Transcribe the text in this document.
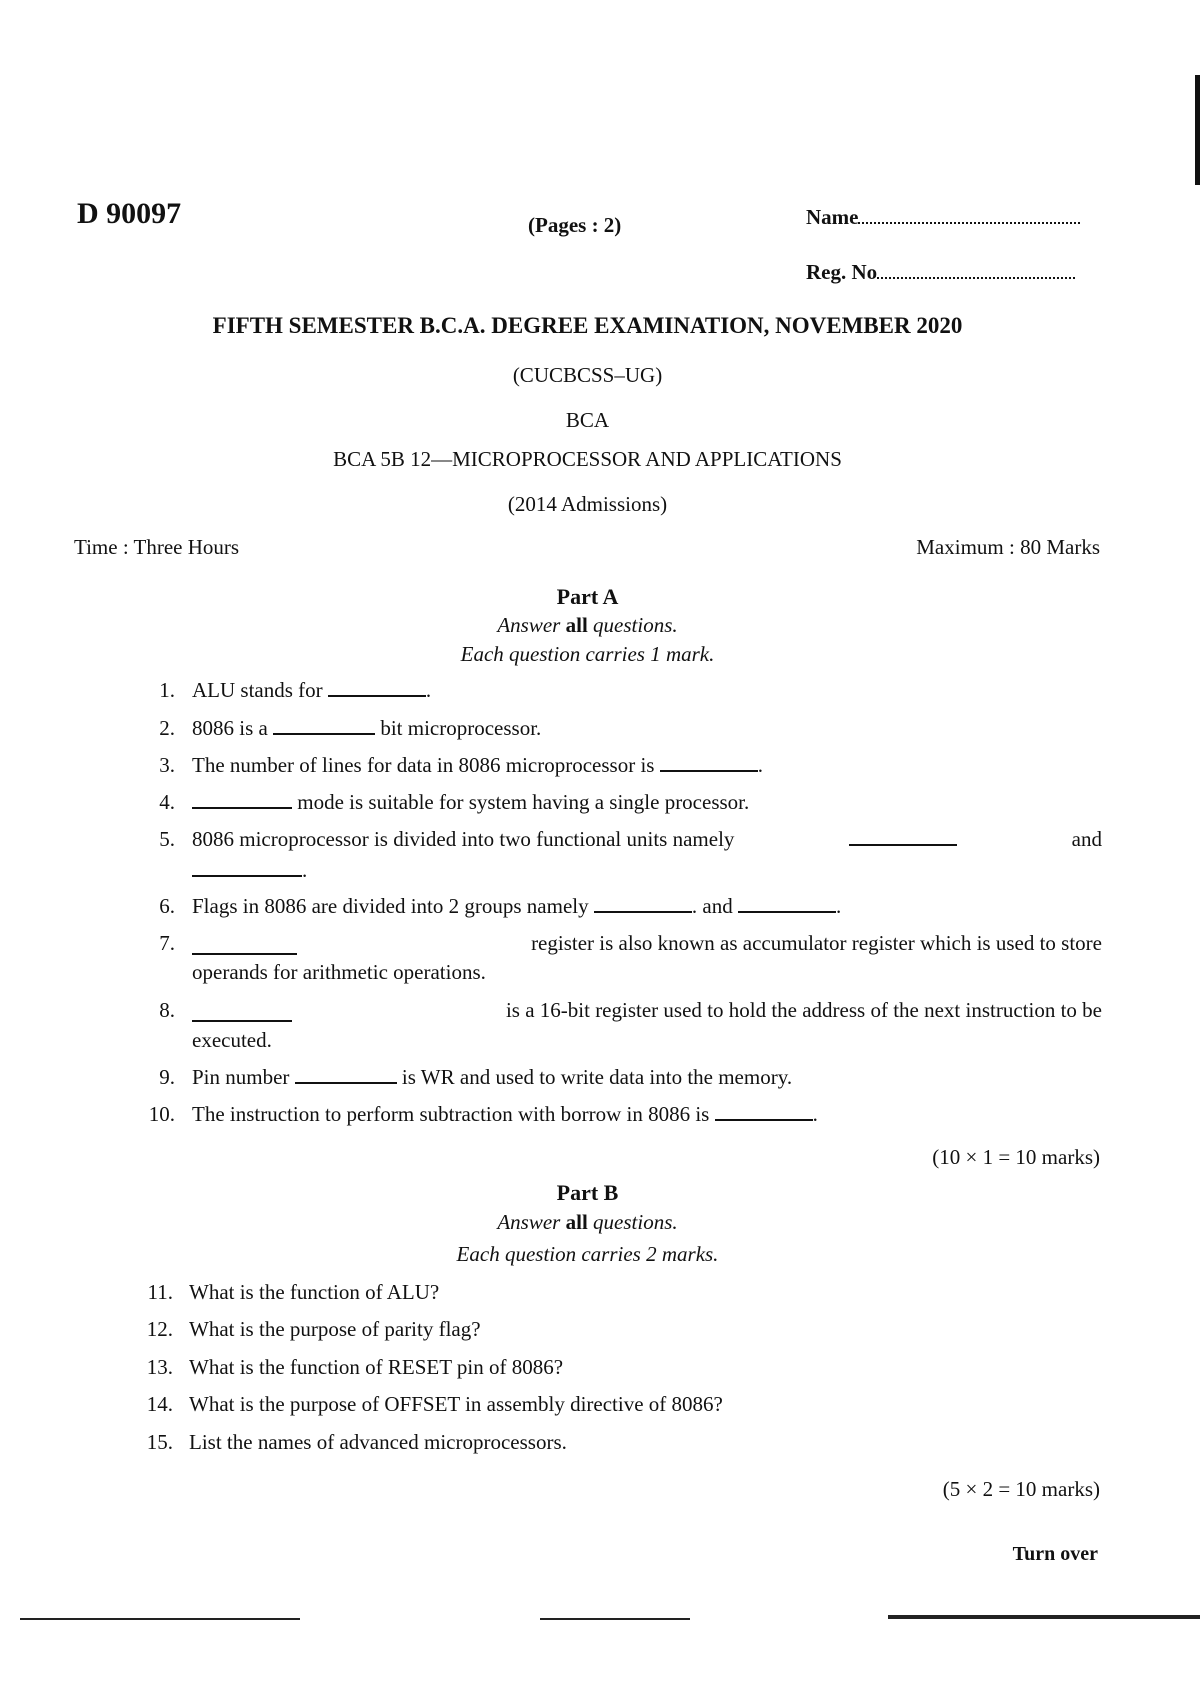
D 90097	(Pages : 2)	Name
Reg. No
FIFTH SEMESTER B.C.A. DEGREE EXAMINATION, NOVEMBER 2020
(CUCBCSS–UG)
BCA
BCA 5B 12—MICROPROCESSOR AND APPLICATIONS
(2014 Admissions)
Time : Three Hours	Maximum : 80 Marks
Part A
Answer all questions.
Each question carries 1 mark.
1. ALU stands for	.
2. 8086 is a	bit microprocessor.
3. The number of lines for data in 8086 microprocessor is	.
4.	mode is suitable for system having a single processor.
5. 8086 microprocessor is divided into two functional units namely	and
.
6. Flags in 8086 are divided into 2 groups namely	. and	.
7.	register is also known as accumulator register which is used to store
operands for arithmetic operations.
8.	is a 16-bit register used to hold the address of the next instruction to be
executed.
9. Pin number	is WR and used to write data into the memory.
10. The instruction to perform subtraction with borrow in 8086 is	.
(10 × 1 = 10 marks)
Part B
Answer all questions.
Each question carries 2 marks.
11. What is the function of ALU?
12. What is the purpose of parity flag?
13. What is the function of RESET pin of 8086?
14. What is the purpose of OFFSET in assembly directive of 8086?
15. List the names of advanced microprocessors.
(5 × 2 = 10 marks)
Turn over
